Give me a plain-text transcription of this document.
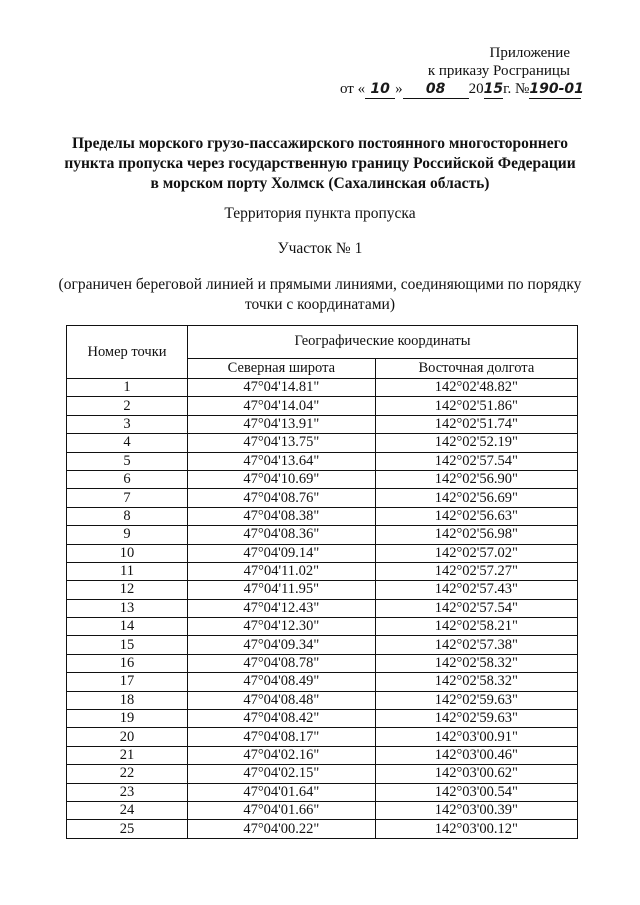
Приложение
к приказу Росграницы
от « 10 » 08 2015г. №190-01
Пределы морского грузо-пассажирского постоянного многостороннего
пункта пропуска через государственную границу Российской Федерации
в морском порту Холмск (Сахалинская область)
Территория пункта пропуска
Участок № 1
(ограничен береговой линией и прямыми линиями, соединяющими по порядку
точки с координатами)
Номер точки	Географические координаты	
	Северная широта	Восточная долгота
1	47°04'14.81"	142°02'48.82"
2	47°04'14.04"	142°02'51.86"
3	47°04'13.91"	142°02'51.74"
4	47°04'13.75"	142°02'52.19"
5	47°04'13.64"	142°02'57.54"
6	47°04'10.69"	142°02'56.90"
7	47°04'08.76"	142°02'56.69"
8	47°04'08.38"	142°02'56.63"
9	47°04'08.36"	142°02'56.98"
10	47°04'09.14"	142°02'57.02"
11	47°04'11.02"	142°02'57.27"
12	47°04'11.95"	142°02'57.43"
13	47°04'12.43"	142°02'57.54"
14	47°04'12.30"	142°02'58.21"
15	47°04'09.34"	142°02'57.38"
16	47°04'08.78"	142°02'58.32"
17	47°04'08.49"	142°02'58.32"
18	47°04'08.48"	142°02'59.63"
19	47°04'08.42"	142°02'59.63"
20	47°04'08.17"	142°03'00.91"
21	47°04'02.16"	142°03'00.46"
22	47°04'02.15"	142°03'00.62"
23	47°04'01.64"	142°03'00.54"
24	47°04'01.66"	142°03'00.39"
25	47°04'00.22"	142°03'00.12"
